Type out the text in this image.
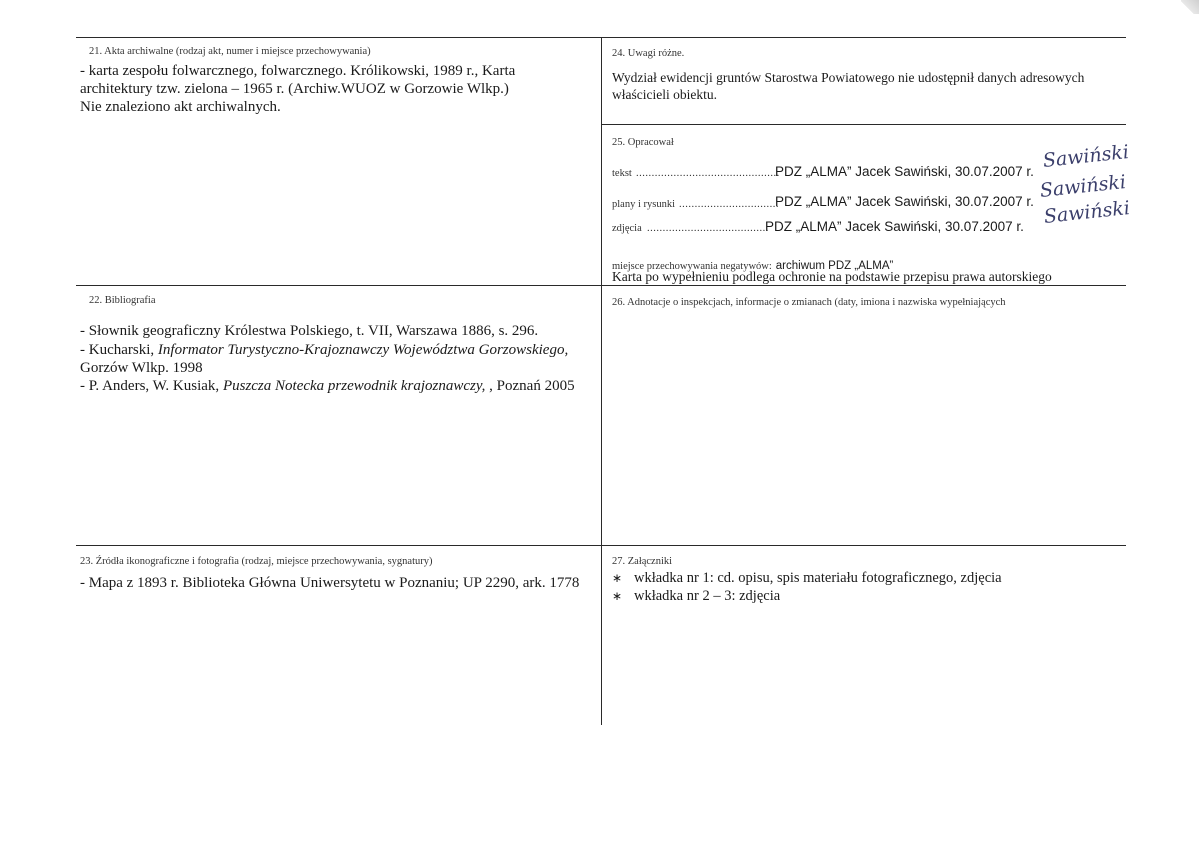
21. Akta archiwalne (rodzaj akt, numer i miejsce przechowywania)
- karta zespołu folwarcznego, folwarcznego. Królikowski, 1989 r., Karta
architektury tzw. zielona – 1965 r. (Archiw.WUOZ w Gorzowie Wlkp.)
Nie znaleziono akt archiwalnych.
24. Uwagi różne.
Wydział ewidencji gruntów Starostwa Powiatowego nie udostępnił danych adresowych
właścicieli obiektu.
25. Opracował
tekst ..............................................
PDZ „ALMA” Jacek Sawiński, 30.07.2007 r. Sawiński
plany i rysunki ................................
PDZ „ALMA” Jacek Sawiński, 30.07.2007 r. Sawiński
zdjęcia .......................................
PDZ „ALMA” Jacek Sawiński, 30.07.2007 r. Sawiński
miejsce przechowywania negatywów: archiwum PDZ „ALMA”
Karta po wypełnieniu podlega ochronie na podstawie przepisu prawa autorskiego
22. Bibliografia
- Słownik geograficzny Królestwa Polskiego, t. VII, Warszawa 1886, s. 296.
- Kucharski, Informator Turystyczno-Krajoznawczy Województwa Gorzowskiego,
Gorzów Wlkp. 1998
- P. Anders, W. Kusiak, Puszcza Notecka przewodnik krajoznawczy, , Poznań 2005
26. Adnotacje o inspekcjach, informacje o zmianach (daty, imiona i nazwiska wypełniających
23. Źródła ikonograficzne i fotografia (rodzaj, miejsce przechowywania, sygnatury)
- Mapa z 1893 r. Biblioteka Główna Uniwersytetu w Poznaniu; UP 2290, ark. 1778
27. Załączniki
∗ wkładka nr 1: cd. opisu, spis materiału fotograficznego, zdjęcia
∗ wkładka nr 2 – 3: zdjęcia
